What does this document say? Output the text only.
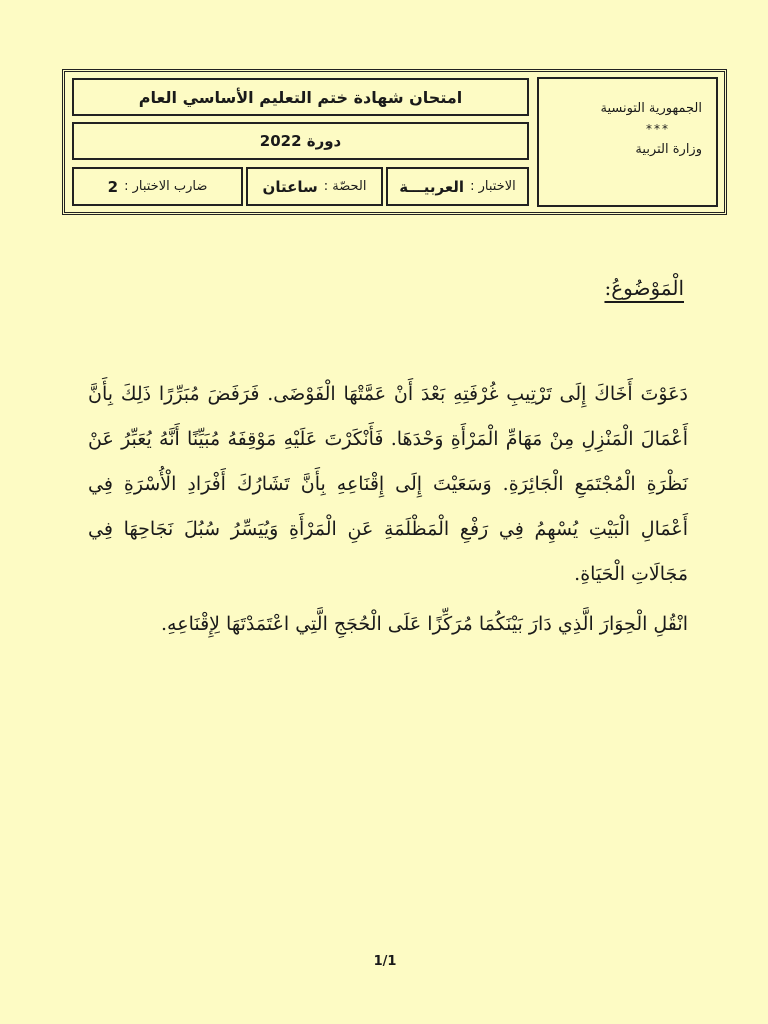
امتحان شهادة ختم التعليم الأساسي العام
دورة 2022
الاختبار :
العربيـــة
الحصّة :
ساعتان
ضارب الاختبار :
2
الجمهورية التونسية
***
وزارة التربية
الْمَوْضُوعُ:
دَعَوْتَ أَخَاكَ إِلَى تَرْتِيبِ غُرْفَتِهِ بَعْدَ أَنْ عَمَّتْهَا الْفَوْضَى. فَرَفَضَ مُبَرِّرًا ذَلِكَ بِأَنَّ أَعْمَالَ الْمَنْزِلِ مِنْ مَهَامِّ الْمَرْأَةِ وَحْدَهَا. فَأَنْكَرْتَ عَلَيْهِ مَوْقِفَهُ مُبَيِّنًا أَنَّهُ يُعَبِّرُ عَنْ نَظْرَةِ الْمُجْتَمَعِ الْجَائِرَةِ. وَسَعَيْتَ إِلَى إِقْنَاعِهِ بِأَنَّ تَشَارُكَ أَفْرَادِ الْأُسْرَةِ فِي أَعْمَالِ الْبَيْتِ يُسْهِمُ فِي رَفْعِ الْمَظْلَمَةِ عَنِ الْمَرْأَةِ وَيُيَسِّرُ سُبُلَ نَجَاحِهَا فِي مَجَالَاتِ الْحَيَاةِ.
انْقُلِ الْحِوَارَ الَّذِي دَارَ بَيْنَكُمَا مُرَكِّزًا عَلَى الْحُجَجِ الَّتِي اعْتَمَدْتَهَا لِإِقْنَاعِهِ.
1/1
